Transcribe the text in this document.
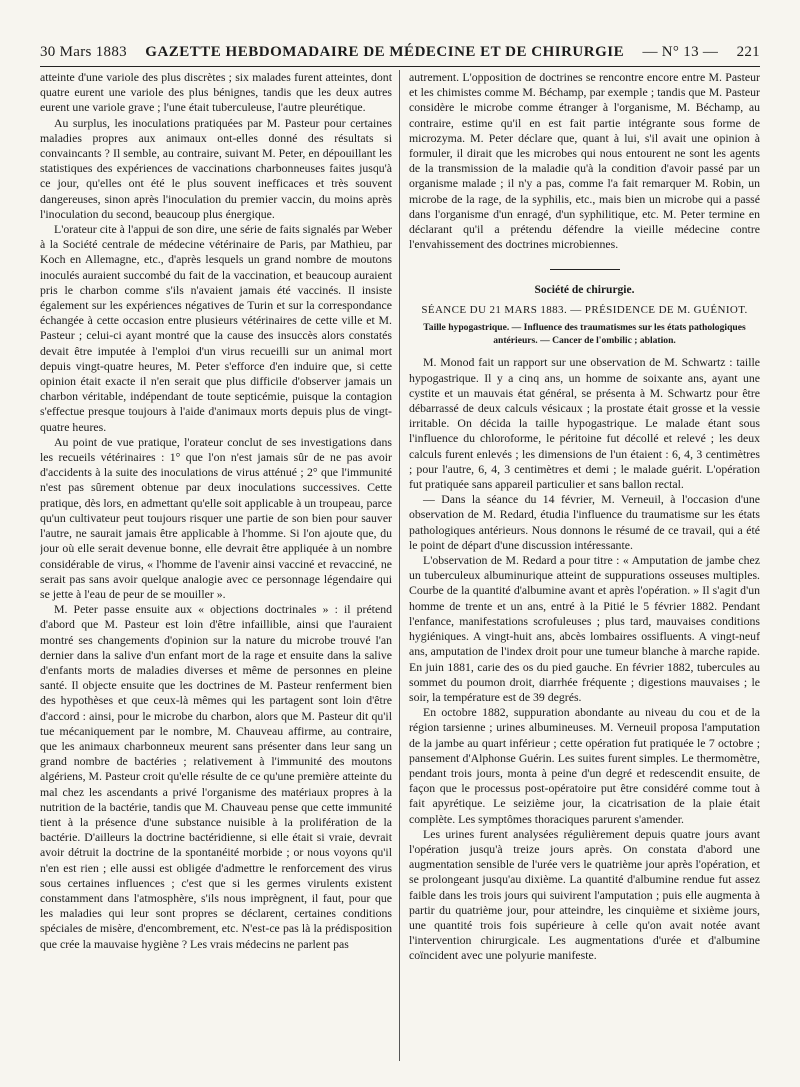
30 Mars 1883 GAZETTE HEBDOMADAIRE DE MÉDECINE ET DE CHIRURGIE — N° 13 — 221

atteinte d'une variole des plus discrètes ; six malades furent atteintes, dont quatre eurent une variole des plus bénignes, tandis que les deux autres eurent une variole grave ; l'une était tuberculeuse, l'autre pleurétique.

Au surplus, les inoculations pratiquées par M. Pasteur pour certaines maladies propres aux animaux ont-elles donné des résultats si convaincants ? Il semble, au contraire, suivant M. Peter, en dépouillant les statistiques des expériences de vaccinations charbonneuses faites jusqu'à ce jour, qu'elles ont été le plus souvent inefficaces et très souvent dangereuses, sinon après l'inoculation du premier vaccin, du moins après l'inoculation du second, beaucoup plus énergique.

L'orateur cite à l'appui de son dire, une série de faits signalés par Weber à la Société centrale de médecine vétérinaire de Paris, par Mathieu, par Koch en Allemagne, etc., d'après lesquels un grand nombre de moutons inoculés auraient succombé du fait de la vaccination, et beaucoup auraient pris le charbon comme s'ils n'avaient jamais été vaccinés. Il insiste également sur les expériences négatives de Turin et sur la correspondance échangée à cette occasion entre plusieurs vétérinaires de cette ville et M. Pasteur ; celui-ci ayant montré que la cause des insuccès alors constatés devait être imputée à l'emploi d'un virus recueilli sur un animal mort depuis vingt-quatre heures, M. Peter s'efforce d'en induire que, si cette opinion était exacte il n'en serait que plus difficile d'observer jamais un charbon véritable, indépendant de toute septicémie, puisque la contagion s'effectue presque toujours à l'aide d'animaux morts depuis plus de vingt-quatre heures.

Au point de vue pratique, l'orateur conclut de ses investigations dans les recueils vétérinaires : 1° que l'on n'est jamais sûr de ne pas avoir d'accidents à la suite des inoculations de virus atténué ; 2° que l'immunité n'est pas sûrement obtenue par deux inoculations successives. Cette pratique, dès lors, en admettant qu'elle soit applicable à un troupeau, parce qu'un cultivateur peut toujours risquer une partie de son bien pour sauver l'autre, ne saurait jamais être applicable à l'homme. Si l'on ajoute que, du jour où elle serait devenue bonne, elle devrait être appliquée à un nombre considérable de virus, « l'homme de l'avenir ainsi vacciné et revacciné, ne serait pas sans avoir quelque analogie avec ce personnage légendaire qui se jette à l'eau de peur de se mouiller ».

M. Peter passe ensuite aux « objections doctrinales » : il prétend d'abord que M. Pasteur est loin d'être infaillible, ainsi que l'auraient montré ses changements d'opinion sur la nature du microbe trouvé l'an dernier dans la salive d'un enfant mort de la rage et ensuite dans la salive d'enfants morts de maladies diverses et même de personnes en pleine santé. Il objecte ensuite que les doctrines de M. Pasteur renferment bien des hypothèses et que ceux-là mêmes qui les partagent sont loin d'être d'accord : ainsi, pour le microbe du charbon, alors que M. Pasteur dit qu'il tue mécaniquement par le nombre, M. Chauveau affirme, au contraire, que les animaux charbonneux meurent sans présenter dans leur sang un grand nombre de bactéries ; relativement à l'immunité des moutons algériens, M. Pasteur croit qu'elle résulte de ce qu'une première atteinte du mal chez les ascendants a privé l'organisme des matériaux propres à la nutrition de la bactérie, tandis que M. Chauveau pense que cette immunité tient à la présence d'une substance nuisible à la prolifération de la bactérie. D'ailleurs la doctrine bactéridienne, si elle était si vraie, devrait avoir détruit la doctrine de la spontanéité morbide ; or nous voyons qu'il n'en est rien ; elle aussi est obligée d'admettre le renforcement des virus sous certaines influences ; c'est que si les germes virulents existent constamment dans l'atmosphère, s'ils nous imprègnent, il faut, pour que les maladies qui leur sont propres se déclarent, certaines conditions spéciales de misère, d'encombrement, etc. N'est-ce pas là la prédisposition que crée la mauvaise hygiène ? Les vrais médecins ne parlent pas

autrement. L'opposition de doctrines se rencontre encore entre M. Pasteur et les chimistes comme M. Béchamp, par exemple ; tandis que M. Pasteur considère le microbe comme étranger à l'organisme, M. Béchamp, au contraire, estime qu'il en est fait partie intégrante sous forme de microzyma. M. Peter déclare que, quant à lui, s'il avait une opinion à formuler, il dirait que les microbes qui nous entourent ne sont les agents de la transmission de la maladie qu'à la condition d'avoir passé par un organisme malade ; il n'y a pas, comme l'a fait remarquer M. Robin, un microbe de la rage, de la syphilis, etc., mais bien un microbe qui a passé dans l'organisme d'un enragé, d'un syphilitique, etc. M. Peter termine en déclarant qu'il a prétendu défendre la vieille médecine contre l'envahissement des doctrines microbiennes.

Société de chirurgie.
SÉANCE DU 21 MARS 1883. — PRÉSIDENCE DE M. GUÉNIOT.
Taille hypogastrique. — Influence des traumatismes sur les états pathologiques antérieurs. — Cancer de l'ombilic ; ablation.

M. Monod fait un rapport sur une observation de M. Schwartz : taille hypogastrique. Il y a cinq ans, un homme de soixante ans, ayant une cystite et un mauvais état général, se présenta à M. Schwartz pour être débarrassé de deux calculs vésicaux ; la prostate était grosse et la vessie irritable. On décida la taille hypogastrique. Le malade étant sous l'influence du chloroforme, le péritoine fut décollé et relevé ; les deux calculs furent enlevés ; les dimensions de l'un étaient : 6, 4, 3 centimètres ; pour l'autre, 6, 4, 3 centimètres et demi ; le malade guérit. L'opération fut pratiquée sans appareil particulier et sans ballon rectal.

— Dans la séance du 14 février, M. Verneuil, à l'occasion d'une observation de M. Redard, étudia l'influence du traumatisme sur les états pathologiques antérieurs. Nous donnons le résumé de ce travail, qui a été le point de départ d'une discussion intéressante.

L'observation de M. Redard a pour titre : « Amputation de jambe chez un tuberculeux albuminurique atteint de suppurations osseuses multiples. Courbe de la quantité d'albumine avant et après l'opération. » Il s'agit d'un homme de trente et un ans, entré à la Pitié le 5 février 1882. Pendant l'enfance, manifestations scrofuleuses ; plus tard, mauvaises conditions hygiéniques. A vingt-huit ans, abcès lombaires ossifluents. A vingt-neuf ans, amputation de l'index droit pour une tumeur blanche à marche rapide. En juin 1881, carie des os du pied gauche. En février 1882, tubercules au sommet du poumon droit, diarrhée fréquente ; digestions mauvaises ; le soir, la température est de 39 degrés.

En octobre 1882, suppuration abondante au niveau du cou et de la région tarsienne ; urines albumineuses. M. Verneuil proposa l'amputation de la jambe au quart inférieur ; cette opération fut pratiquée le 7 octobre ; pansement d'Alphonse Guérin. Les suites furent simples. Le thermomètre, pendant trois jours, monta à peine d'un degré et redescendit ensuite, de façon que le processus post-opératoire put être considéré comme tout à fait apyrétique. Le seizième jour, la cicatrisation de la plaie était complète. Les symptômes thoraciques parurent s'amender.

Les urines furent analysées régulièrement depuis quatre jours avant l'opération jusqu'à treize jours après. On constata d'abord une augmentation sensible de l'urée vers le quatrième jour après l'opération, et se prolongeant jusqu'au dixième. La quantité d'albumine rendue fut assez faible dans les trois jours qui suivirent l'amputation ; puis elle augmenta à partir du quatrième jour, pour atteindre, les cinquième et sixième jours, une quantité trois fois supérieure à celle qu'on avait notée avant l'intervention chirurgicale. Les augmentations d'urée et d'albumine coïncident avec une polyurie manifeste.
